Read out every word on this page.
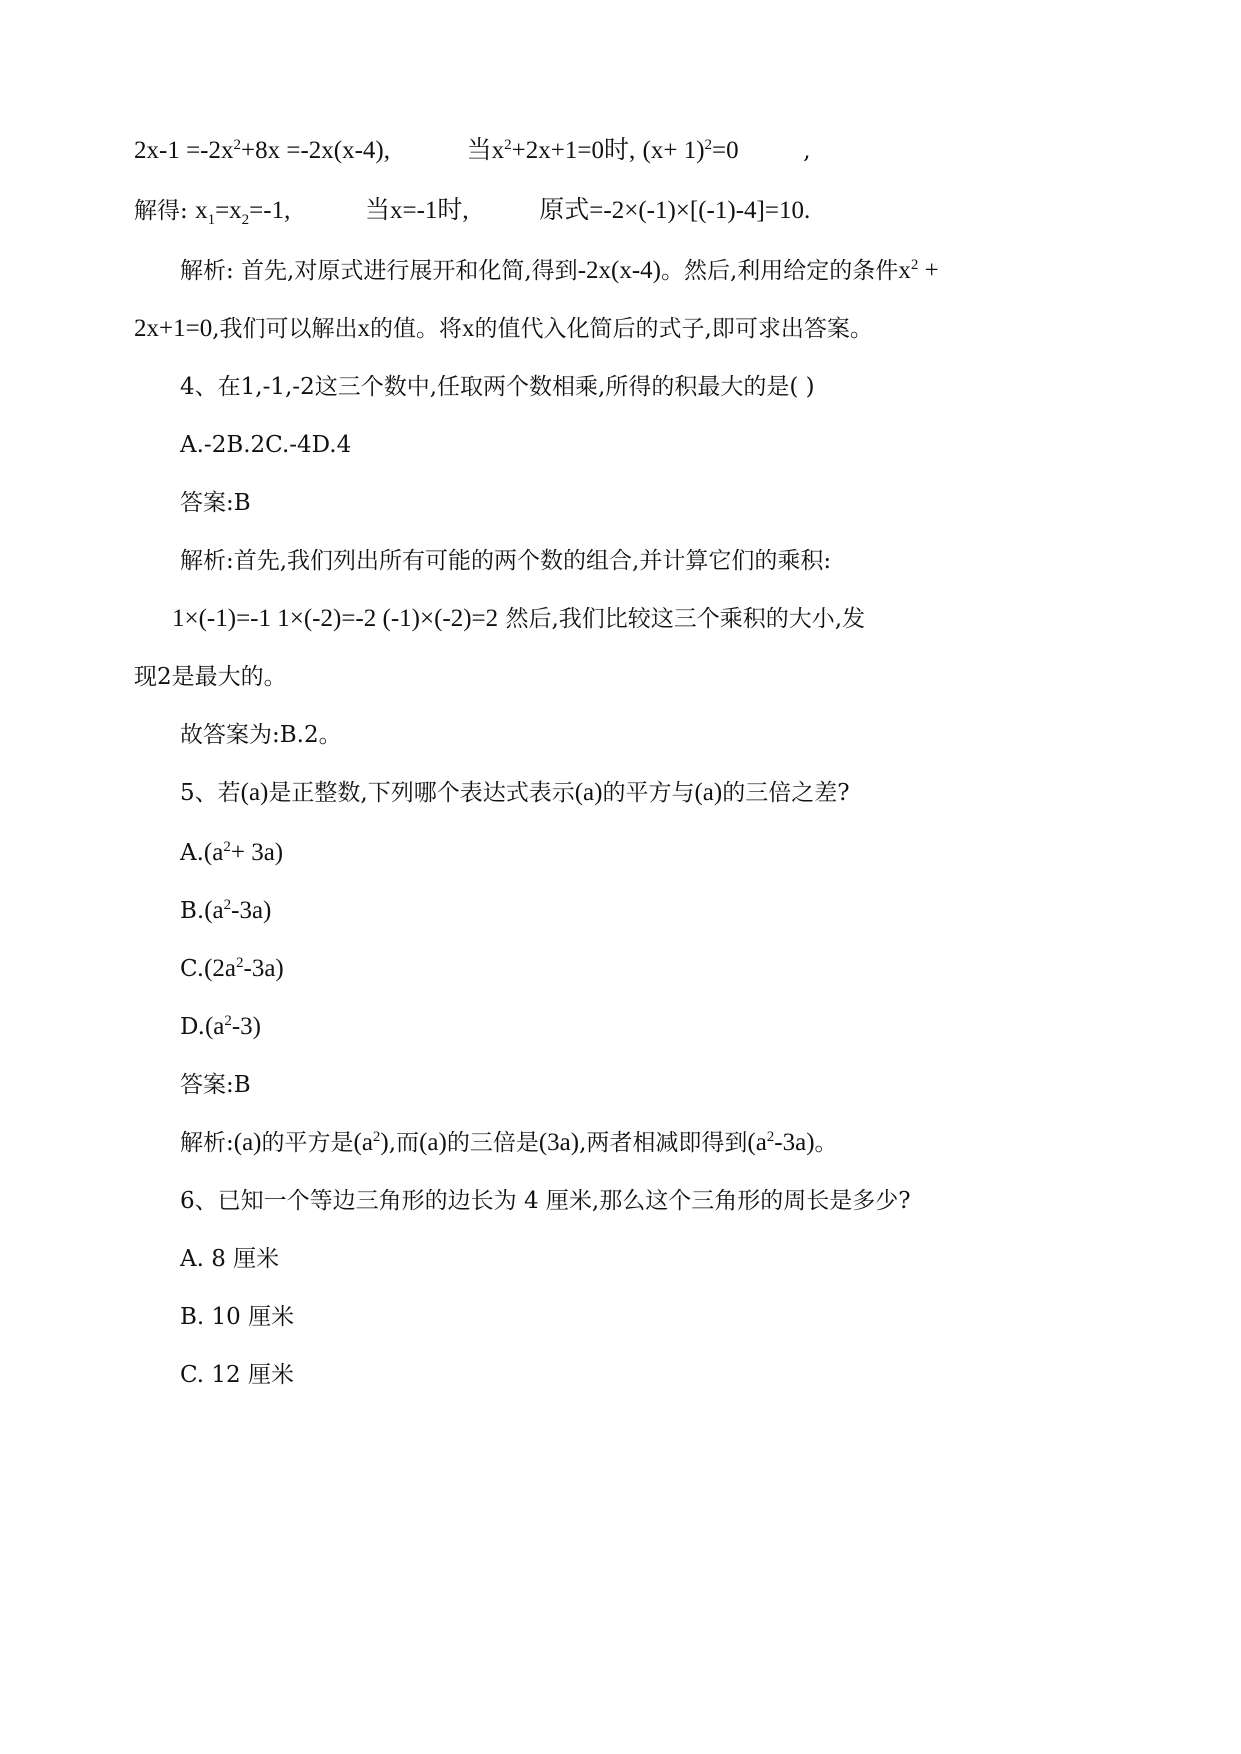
$2x-1 =-2x^2+8x =-2x(x-4)$,	当$x^2+2x+1=0$时, $(x+ 1)^2=0$	,
解得: $x_1=x_2=-1$,	当x=-1时,	原式=-2×(-1)×[(-1)-4]=10.
解析: 首先,对原式进行展开和化简,得到-2x(x-4)。然后,利用给定的条件$x^2$ +
2x+1=0,我们可以解出x的值。将x的值代入化简后的式子,即可求出答案。
4、在1,-1,-2这三个数中,任取两个数相乘,所得的积最大的是( )
A.-2B.2C.-4D.4
答案:B
解析:首先,我们列出所有可能的两个数的组合,并计算它们的乘积:
1×(-1)=-1 1×(-2)=-2 (-1)×(-2)=2 然后,我们比较这三个乘积的大小,发
现2是最大的。
故答案为:B.2。
5、若(a)是正整数,下列哪个表达式表示(a)的平方与(a)的三倍之差?
$A.(a^2+ 3a)$
$B.(a^2-3a)$
$C.(2a^2-3a)$
$D.(a^2-3)$
答案:B
解析:(a)的平方是$(a^2)$,而(a)的三倍是(3a),两者相减即得到$(a^2-3a)$。
6、已知一个等边三角形的边长为 4 厘米,那么这个三角形的周长是多少?
A. 8 厘米
B. 10 厘米
C. 12 厘米
